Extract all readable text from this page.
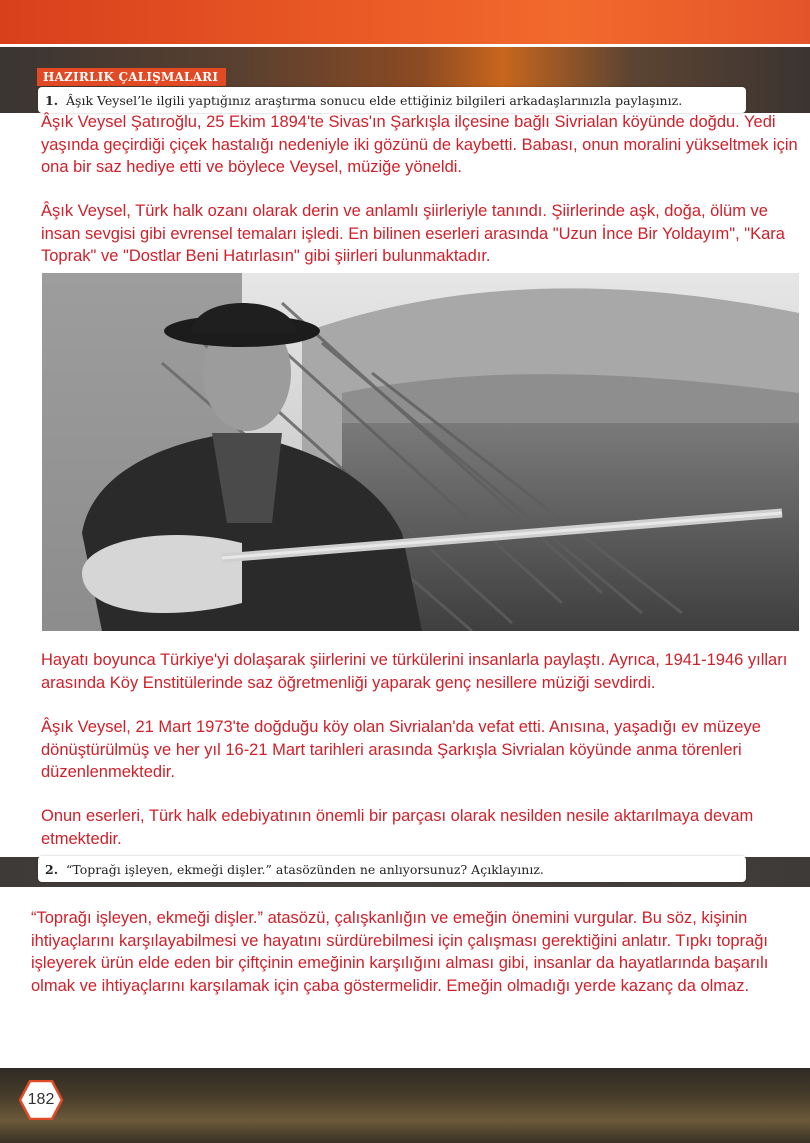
HAZIRLIK ÇALIŞMALARI
1. Âşık Veysel’le ilgili yaptığınız araştırma sonucu elde ettiğiniz bilgileri arkadaşlarınızla paylaşınız.

Âşık Veysel Şatıroğlu, 25 Ekim 1894'te Sivas'ın Şarkışla ilçesine bağlı Sivrialan köyünde doğdu. Yedi yaşında geçirdiği çiçek hastalığı nedeniyle iki gözünü de kaybetti. Babası, onun moralini yükseltmek için ona bir saz hediye etti ve böylece Veysel, müziğe yöneldi.

Âşık Veysel, Türk halk ozanı olarak derin ve anlamlı şiirleriyle tanındı. Şiirlerinde aşk, doğa, ölüm ve insan sevgisi gibi evrensel temaları işledi. En bilinen eserleri arasında "Uzun İnce Bir Yoldayım", "Kara Toprak" ve "Dostlar Beni Hatırlasın" gibi şiirleri bulunmaktadır.

Hayatı boyunca Türkiye'yi dolaşarak şiirlerini ve türkülerini insanlarla paylaştı. Ayrıca, 1941-1946 yılları arasında Köy Enstitülerinde saz öğretmenliği yaparak genç nesillere müziği sevdirdi.

Âşık Veysel, 21 Mart 1973'te doğduğu köy olan Sivrialan'da vefat etti. Anısına, yaşadığı ev müzeye dönüştürülmüş ve her yıl 16-21 Mart tarihleri arasında Şarkışla Sivrialan köyünde anma törenleri düzenlenmektedir.

Onun eserleri, Türk halk edebiyatının önemli bir parçası olarak nesilden nesile aktarılmaya devam etmektedir.

2. “Toprağı işleyen, ekmeği dişler.” atasözünden ne anlıyorsunuz? Açıklayınız.

“Toprağı işleyen, ekmeği dişler.” atasözü, çalışkanlığın ve emeğin önemini vurgular. Bu söz, kişinin ihtiyaçlarını karşılayabilmesi ve hayatını sürdürebilmesi için çalışması gerektiğini anlatır. Tıpkı toprağı işleyerek ürün elde eden bir çiftçinin emeğinin karşılığını alması gibi, insanlar da hayatlarında başarılı olmak ve ihtiyaçlarını karşılamak için çaba göstermelidir. Emeğin olmadığı yerde kazanç da olmaz.

182
